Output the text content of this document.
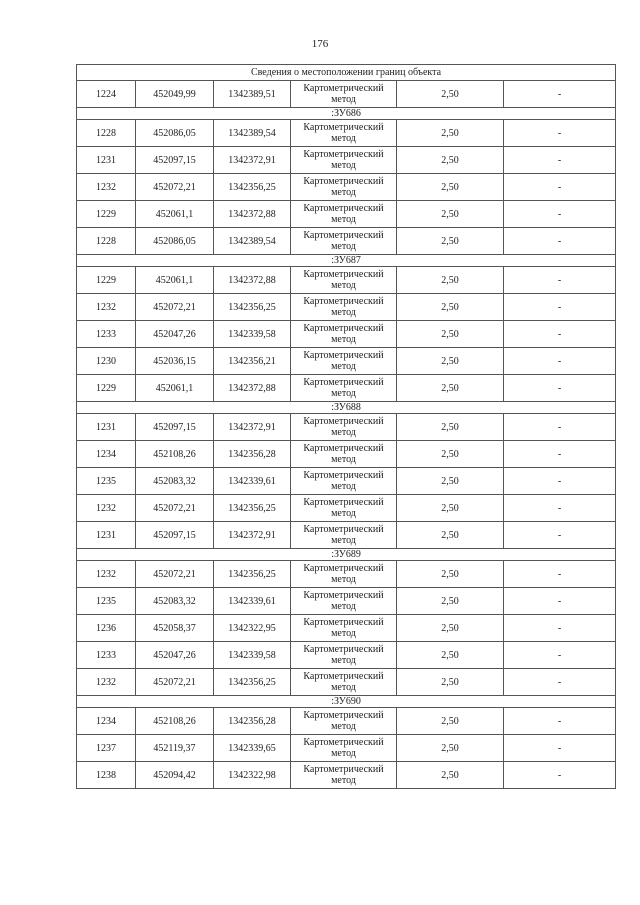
176
Сведения о местоположении границ объекта					
1224	452049,99	1342389,51	Картометрический метод	2,50	-
:ЗУ686					
1228	452086,05	1342389,54	Картометрический метод	2,50	-
1231	452097,15	1342372,91	Картометрический метод	2,50	-
1232	452072,21	1342356,25	Картометрический метод	2,50	-
1229	452061,1	1342372,88	Картометрический метод	2,50	-
1228	452086,05	1342389,54	Картометрический метод	2,50	-
:ЗУ687					
1229	452061,1	1342372,88	Картометрический метод	2,50	-
1232	452072,21	1342356,25	Картометрический метод	2,50	-
1233	452047,26	1342339,58	Картометрический метод	2,50	-
1230	452036,15	1342356,21	Картометрический метод	2,50	-
1229	452061,1	1342372,88	Картометрический метод	2,50	-
:ЗУ688					
1231	452097,15	1342372,91	Картометрический метод	2,50	-
1234	452108,26	1342356,28	Картометрический метод	2,50	-
1235	452083,32	1342339,61	Картометрический метод	2,50	-
1232	452072,21	1342356,25	Картометрический метод	2,50	-
1231	452097,15	1342372,91	Картометрический метод	2,50	-
:ЗУ689					
1232	452072,21	1342356,25	Картометрический метод	2,50	-
1235	452083,32	1342339,61	Картометрический метод	2,50	-
1236	452058,37	1342322,95	Картометрический метод	2,50	-
1233	452047,26	1342339,58	Картометрический метод	2,50	-
1232	452072,21	1342356,25	Картометрический метод	2,50	-
:ЗУ690					
1234	452108,26	1342356,28	Картометрический метод	2,50	-
1237	452119,37	1342339,65	Картометрический метод	2,50	-
1238	452094,42	1342322,98	Картометрический метод	2,50	-
